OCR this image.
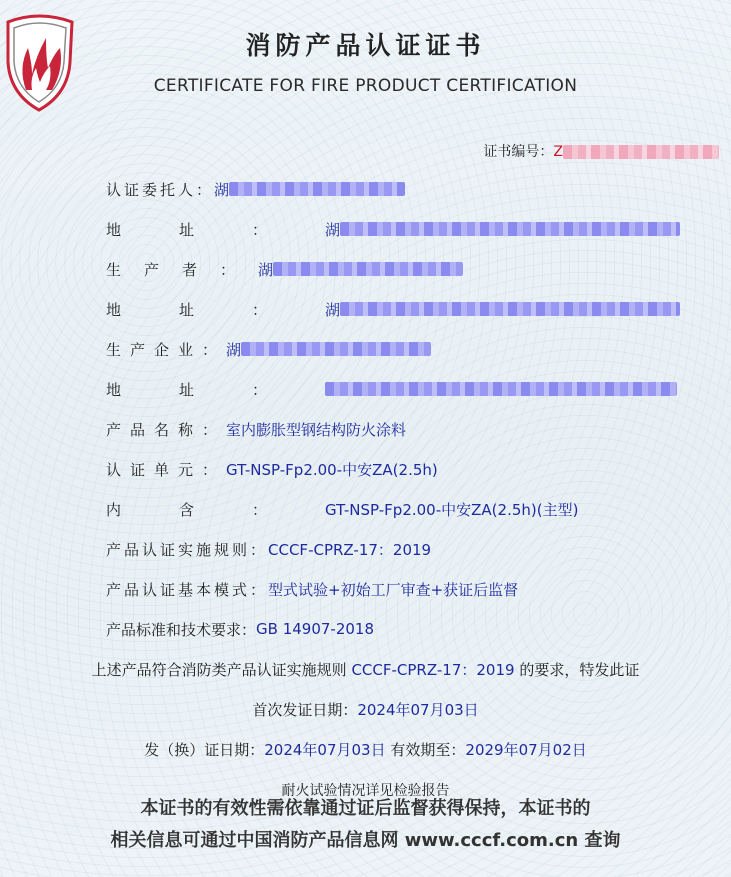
消防产品认证证书
CERTIFICATE FOR FIRE PRODUCT CERTIFICATION
证书编号：Z
认证委托人： 湖
地址： 湖
生产者： 湖
地址： 湖
生产企业： 湖
地址：
产品名称： 室内膨胀型钢结构防火涂料
认证单元： GT-NSP-Fp2.00-中安ZA(2.5h)
内含： GT-NSP-Fp2.00-中安ZA(2.5h)(主型)
产品认证实施规则： CCCF-CPRZ-17：2019
产品认证基本模式： 型式试验+初始工厂审查+获证后监督
产品标准和技术要求： GB 14907-2018
上述产品符合消防类产品认证实施规则 CCCF-CPRZ-17：2019 的要求，特发此证
首次发证日期：2024年07月03日
发（换）证日期：2024年07月03日 有效期至：2029年07月02日
耐火试验情况详见检验报告
本证书的有效性需依靠通过证后监督获得保持，本证书的
相关信息可通过中国消防产品信息网 www.cccf.com.cn 查询
